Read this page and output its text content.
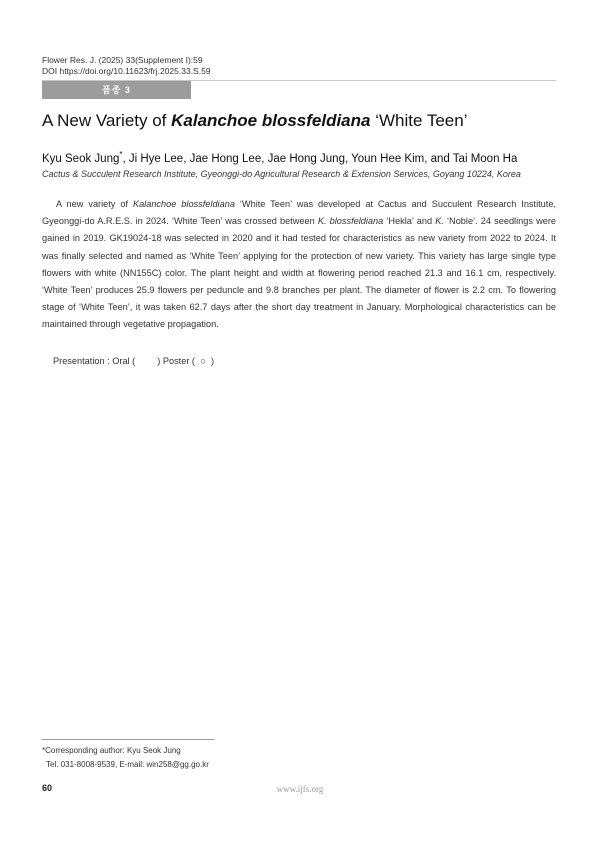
Flower Res. J. (2025) 33(Supplement I):59
DOI https://doi.org/10.11623/frj.2025.33.S.59
품종 3
A New Variety of Kalanchoe blossfeldiana ‘White Teen’
Kyu Seok Jung*, Ji Hye Lee, Jae Hong Lee, Jae Hong Jung, Youn Hee Kim, and Tai Moon Ha
Cactus & Succulent Research Institute, Gyeonggi-do Agricultural Research & Extension Services, Goyang 10224, Korea

A new variety of Kalanchoe blossfeldiana ‘White Teen’ was developed at Cactus and Succulent Research Institute, Gyeonggi-do A.R.E.S. in 2024. ‘White Teen’ was crossed between K. blossfeldiana ‘Hekla’ and K. ‘Noble’. 24 seedlings were gained in 2019. GK19024-18 was selected in 2020 and it had tested for characteristics as new variety from 2022 to 2024. It was finally selected and named as ‘White Teen’ applying for the protection of new variety. This variety has large single type flowers with white (NN155C) color. The plant height and width at flowering period reached 21.3 and 16.1 cm, respectively. ‘White Teen’ produces 25.9 flowers per peduncle and 9.8 branches per plant. The diameter of flower is 2.2 cm. To flowering stage of ‘White Teen’, it was taken 62.7 days after the short day treatment in January. Morphological characteristics can be maintained through vegetative propagation.

Presentation : Oral ( ) Poster ( ○ )
*Corresponding author: Kyu Seok Jung
Tel. 031-8008-9539, E-mail: win258@gg.go.kr
60	www.ijfs.org
